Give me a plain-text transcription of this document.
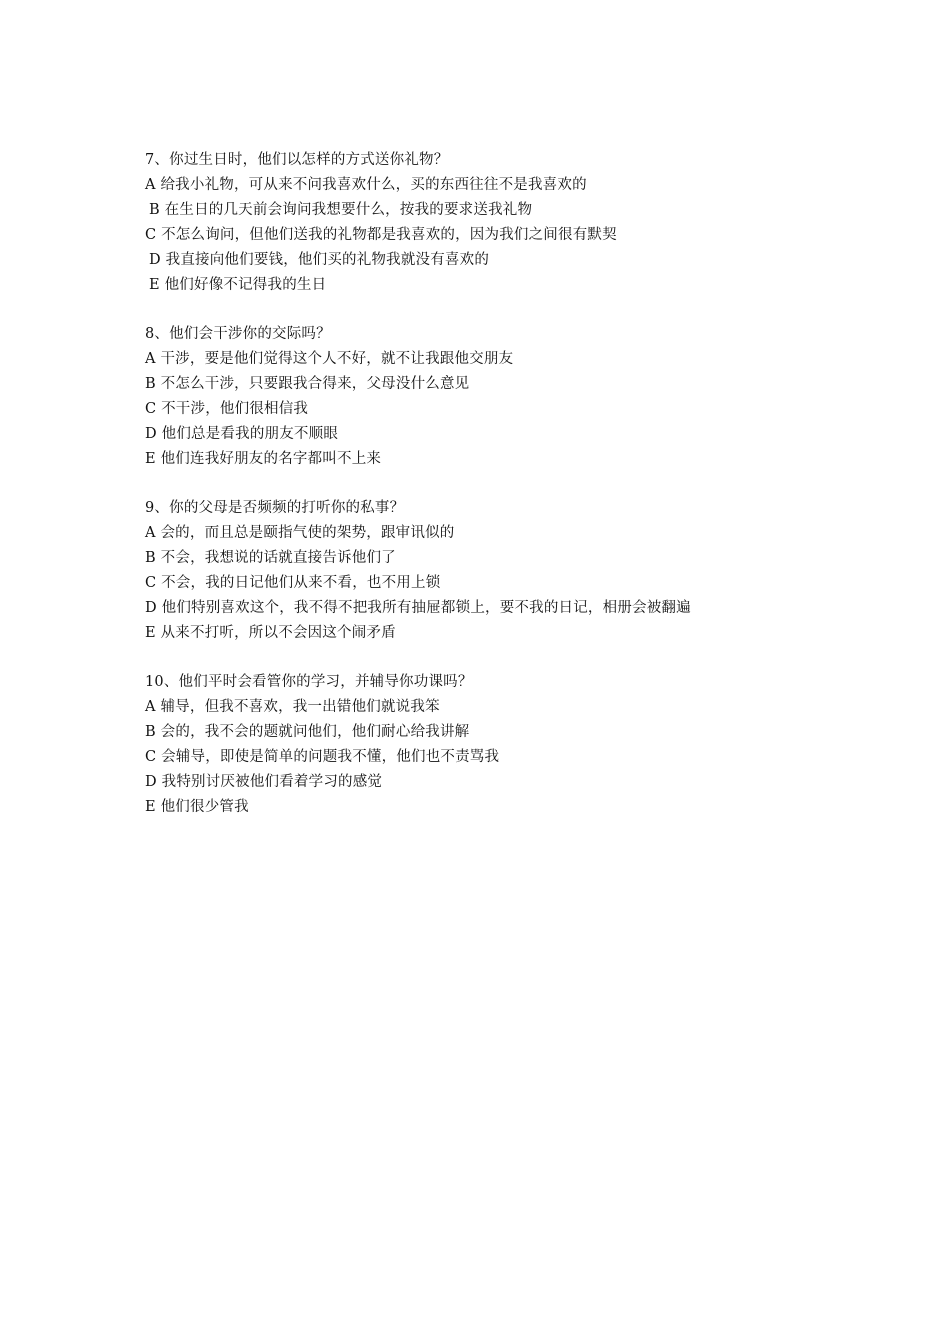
7、你过生日时，他们以怎样的方式送你礼物？
A 给我小礼物，可从来不问我喜欢什么，买的东西往往不是我喜欢的
B 在生日的几天前会询问我想要什么，按我的要求送我礼物
C 不怎么询问，但他们送我的礼物都是我喜欢的，因为我们之间很有默契
D 我直接向他们要钱，他们买的礼物我就没有喜欢的
E 他们好像不记得我的生日
8、他们会干涉你的交际吗？
A 干涉，要是他们觉得这个人不好，就不让我跟他交朋友
B 不怎么干涉，只要跟我合得来，父母没什么意见
C 不干涉，他们很相信我
D 他们总是看我的朋友不顺眼
E 他们连我好朋友的名字都叫不上来
9、你的父母是否频频的打听你的私事？
A 会的，而且总是颐指气使的架势，跟审讯似的
B 不会，我想说的话就直接告诉他们了
C 不会，我的日记他们从来不看，也不用上锁
D 他们特别喜欢这个，我不得不把我所有抽屉都锁上，要不我的日记，相册会被翻遍
E 从来不打听，所以不会因这个闹矛盾
10、他们平时会看管你的学习，并辅导你功课吗？
A 辅导，但我不喜欢，我一出错他们就说我笨
B 会的，我不会的题就问他们，他们耐心给我讲解
C 会辅导，即使是简单的问题我不懂，他们也不责骂我
D 我特别讨厌被他们看着学习的感觉
E 他们很少管我
